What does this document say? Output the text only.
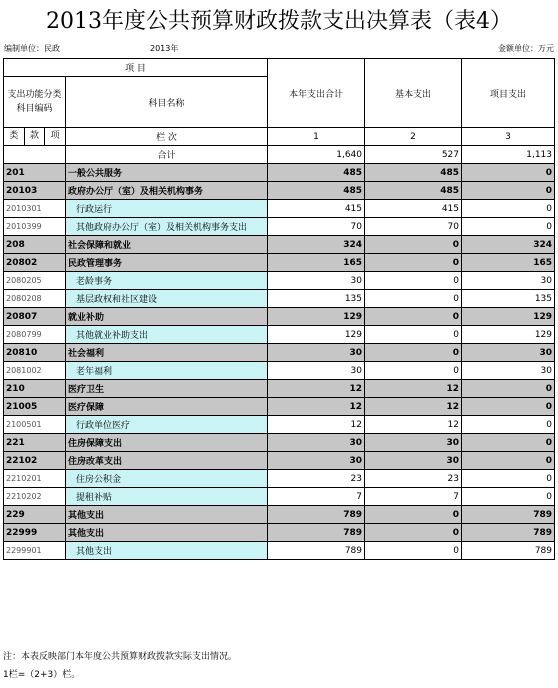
2013年度公共预算财政拨款支出决算表（表4）
编制单位：民政	2013年	金额单位：万元
项 目		本年支出合计	基本支出	项目支出

支出功能分类科目编码	科目名称			

类 款 项	栏 次	1	2	3
	合计	1,640	527	1,113
201	一般公共服务	485	485	0
20103	政府办公厅（室）及相关机构事务	485	485	0
2010301	行政运行	415	415	0
2010399	其他政府办公厅（室）及相关机构事务支出	70	70	0
208	社会保障和就业	324	0	324
20802	民政管理事务	165	0	165
2080205	老龄事务	30	0	30
2080208	基层政权和社区建设	135	0	135
20807	就业补助	129	0	129
2080799	其他就业补助支出	129	0	129
20810	社会福利	30	0	30
2081002	老年福利	30	0	30
210	医疗卫生	12	12	0
21005	医疗保障	12	12	0
2100501	行政单位医疗	12	12	0
221	住房保障支出	30	30	0
22102	住房改革支出	30	30	0
2210201	住房公积金	23	23	0
2210202	提租补贴	7	7	0
229	其他支出	789	0	789
22999	其他支出	789	0	789
2299901	其他支出	789	0	789
注：本表反映部门本年度公共预算财政拨款实际支出情况。
1栏=（2+3）栏。
